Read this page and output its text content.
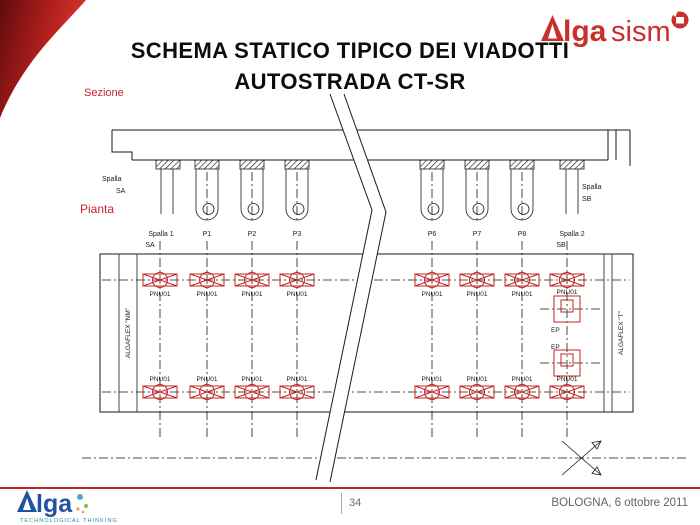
lga sism
SCHEMA STATICO TIPICO DEI VIADOTTI
AUTOSTRADA CT-SR
Sezione
Pianta
Spalla
SA
Spalla
SB
Spalla 1
SA
P1	P2	P3	P6	P7	P8	Spalla 2
SB
PNU01	PNU01	PNU01	PNU01	PNU01	PNU01	PNU01	PNU01
EP
EP
PNU01	PNU01	PNU01	PNU01	PNU01	PNU01	PNU01	PNU01
ALGAFLEX "NM"	ALGAFLEX "T"
lga
TECHNOLOGICAL THINKING
34	BOLOGNA, 6 ottobre 2011
